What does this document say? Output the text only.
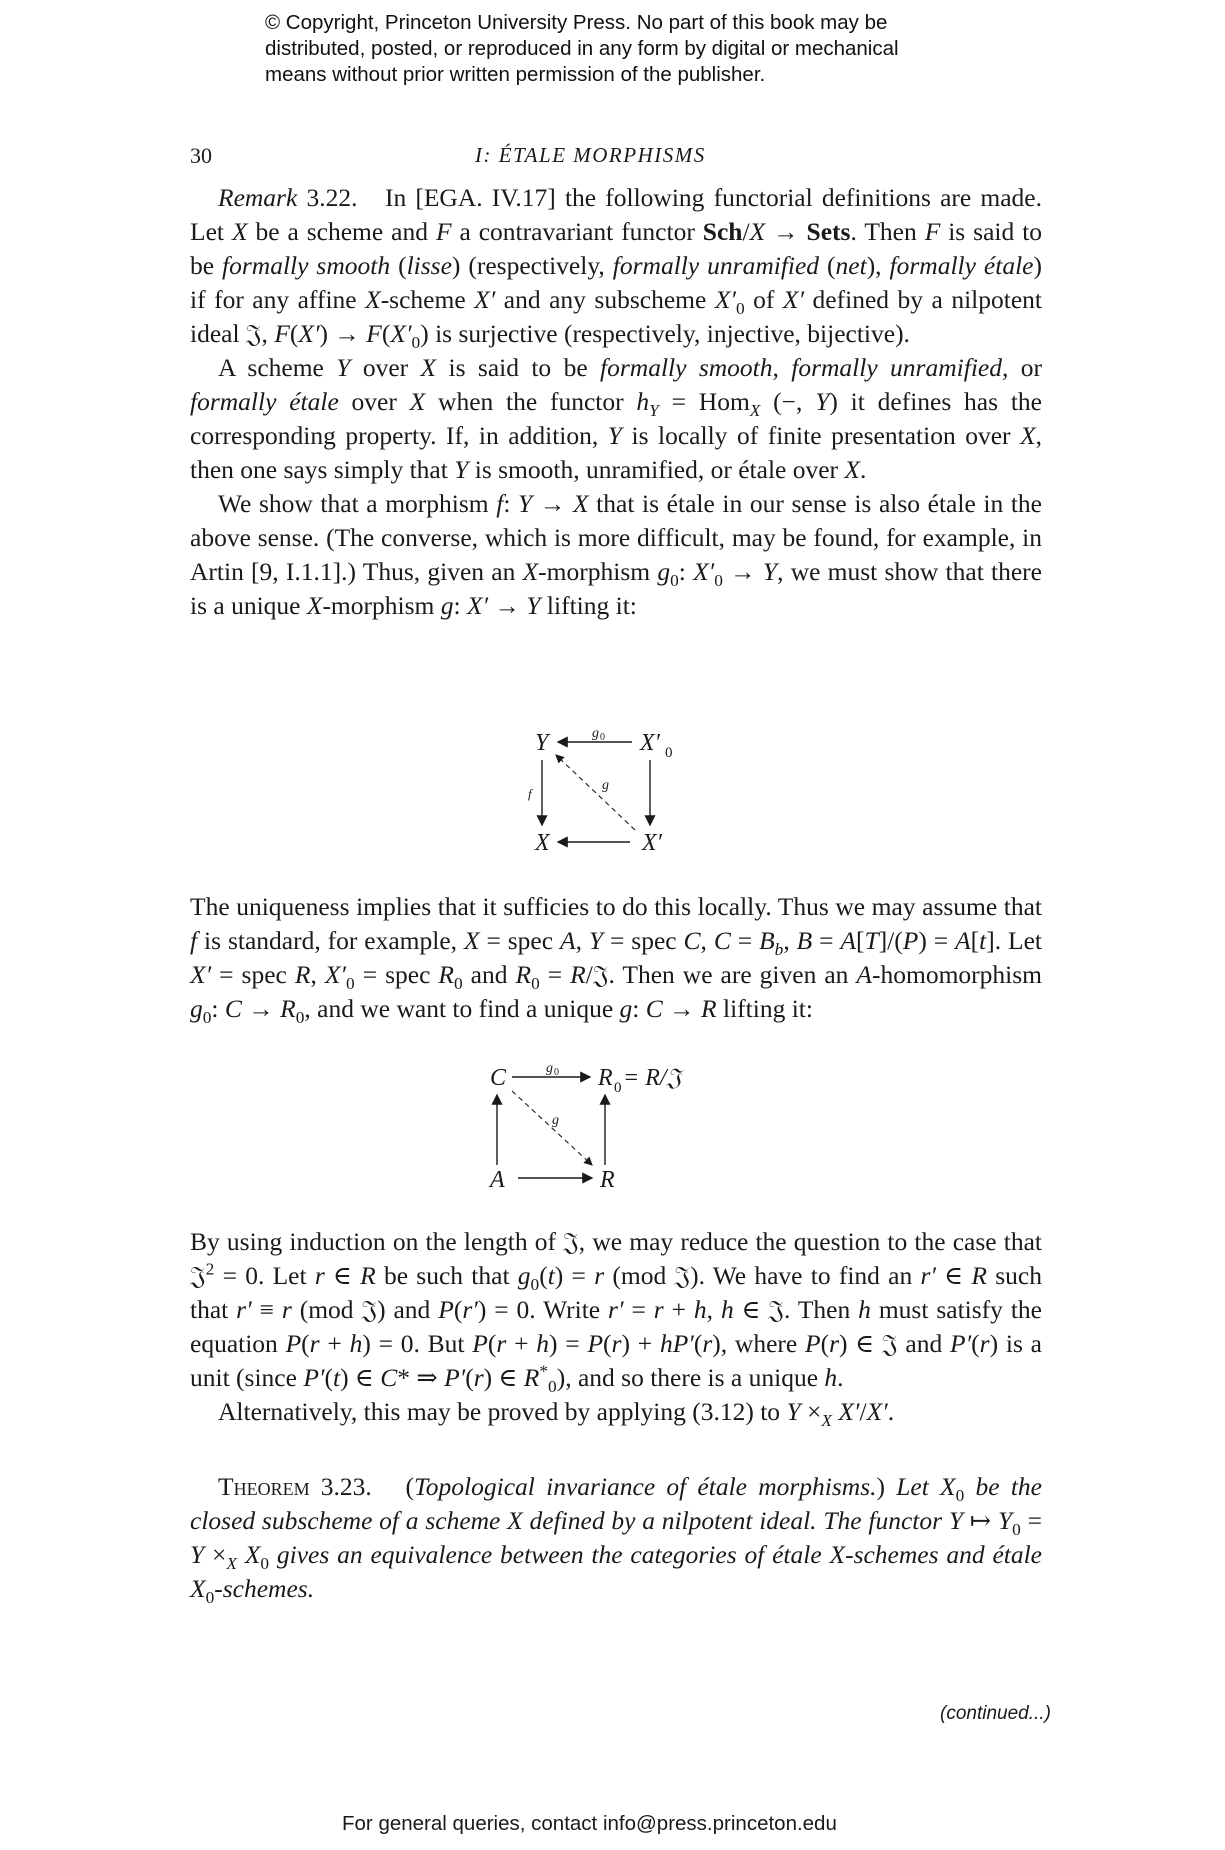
© Copyright, Princeton University Press. No part of this book may be
distributed, posted, or reproduced in any form by digital or mechanical
means without prior written permission of the publisher.
30	I: ÉTALE MORPHISMS

Remark 3.22.   In [EGA. IV.17] the following functorial definitions are made. Let X be a scheme and F a contravariant functor Sch/X → Sets. Then F is said to be formally smooth (lisse) (respectively, formally unramified (net), formally étale) if for any affine X-scheme X′ and any subscheme $X'_0$ of X′ defined by a nilpotent ideal 𝔍, $F(X') \to F(X'_0)$ is surjective (respectively, injective, bijective).

A scheme Y over X is said to be formally smooth, formally unramified, or formally étale over X when the functor $h_Y = Hom_X$ (−, Y) it defines has the corresponding property. If, in addition, Y is locally of finite presentation over X, then one says simply that Y is smooth, unramified, or étale over X.

We show that a morphism f: Y → X that is étale in our sense is also étale in the above sense. (The converse, which is more difficult, may be found, for example, in Artin [9, I.1.1].) Thus, given an X-morphism $g_0$: $X'_0 \to Y$, we must show that there is a unique X-morphism g: X′ → Y lifting it:

Y	X′ 0
X	X′
g 0
f
g

The uniqueness implies that it sufficies to do this locally. Thus we may assume that f is standard, for example, X = spec A, Y = spec C, $C = B_b$, B = A[T]/(P) = A[t]. Let X′ = spec R, $X'_0$ = spec $R_0$ and $R_0$ = R/𝔍. Then we are given an A-homomorphism $g_0$: $C \to R_0$, and we want to find a unique g: C → R lifting it:

C	R 0 = R/𝔍
A	R
g 0
g

By using induction on the length of 𝔍, we may reduce the question to the case that 𝔍$^2$ = 0. Let r ∈ R be such that $g_0(t) = r$ (mod 𝔍). We have to find an r′ ∈ R such that r′ ≡ r (mod 𝔍) and P(r′) = 0. Write r′ = r + h, h ∈ 𝔍. Then h must satisfy the equation P(r + h) = 0. But P(r + h) = P(r) + hP′(r), where P(r) ∈ 𝔍 and P′(r) is a unit (since P′(t) ∈ C* ⇒ P′(r) ∈ $R^*_0$), and so there is a unique h.

Alternatively, this may be proved by applying (3.12) to $Y \times_X$ X′/X′.

Theorem 3.23.   (Topological invariance of étale morphisms.) Let $X_0$ be the closed subscheme of a scheme X defined by a nilpotent ideal. The functor Y ↦ $Y_0 = Y \times_X$ $X_0$ gives an equivalence between the categories of étale X-schemes and étale $X_0$-schemes.

(continued...)
For general queries, contact info@press.princeton.edu
